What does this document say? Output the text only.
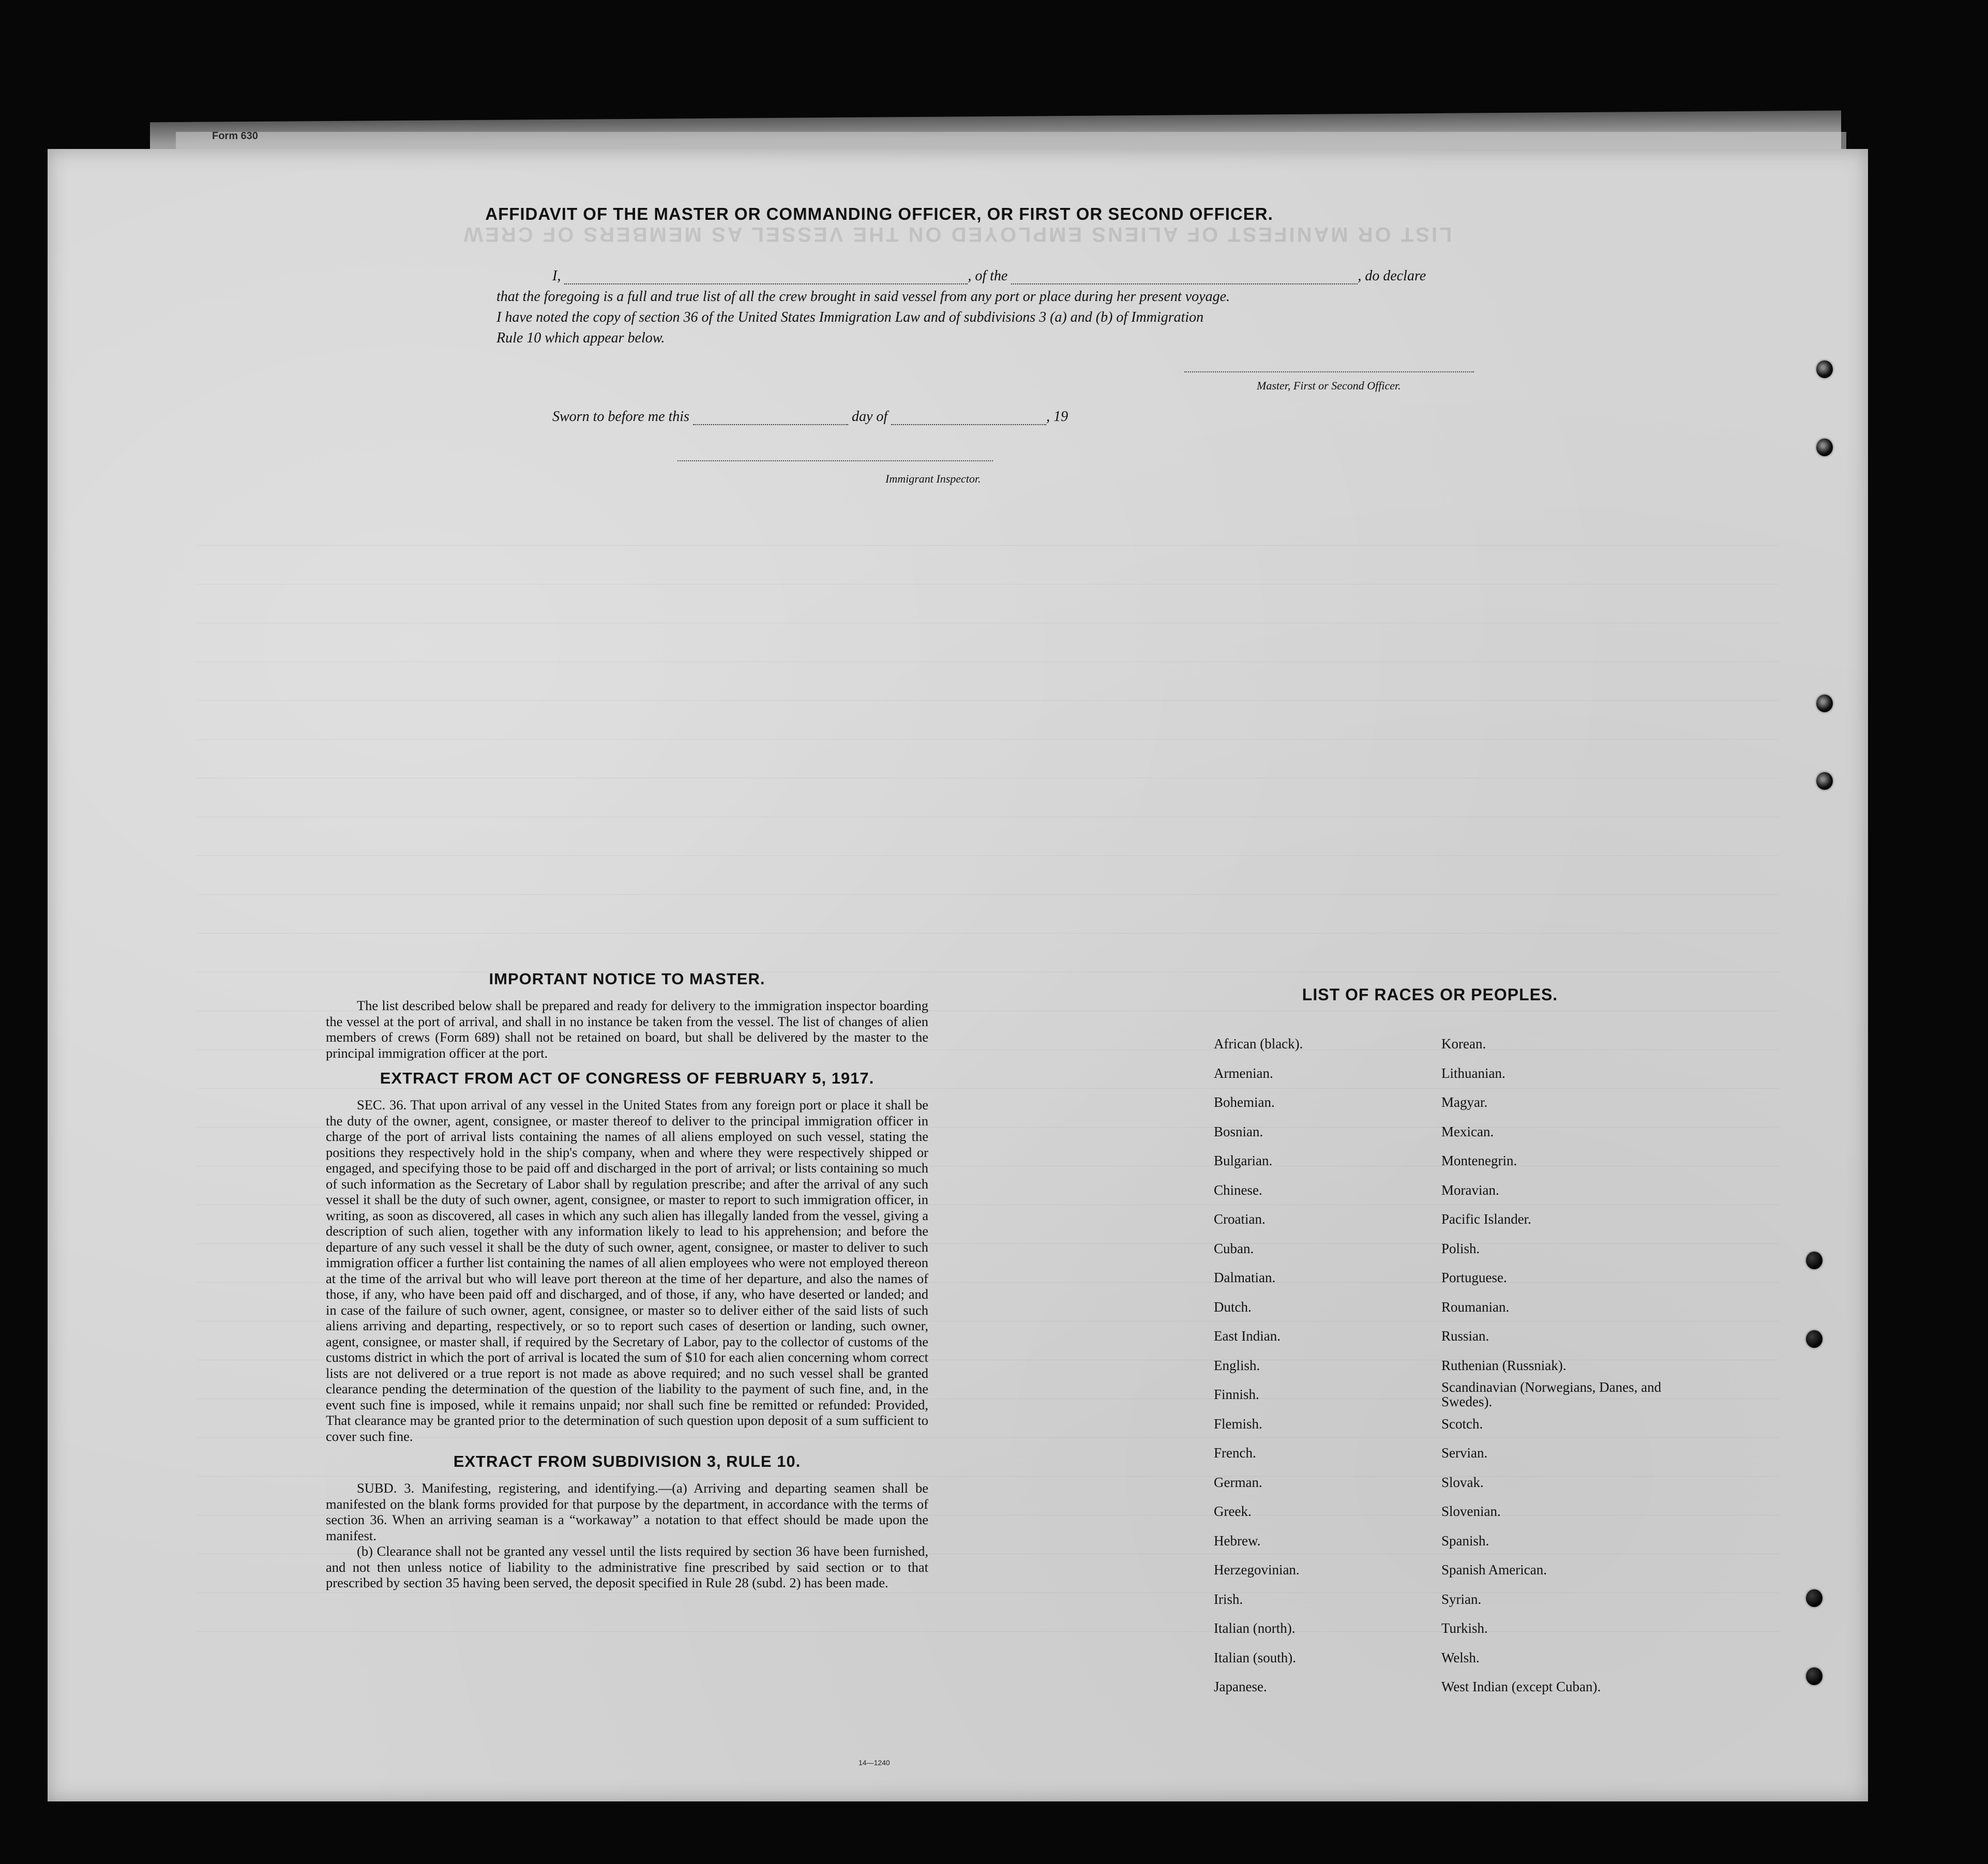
Form 630
LIST OR MANIFEST OF ALIENS EMPLOYED ON THE VESSEL AS MEMBERS OF CREW
AFFIDAVIT OF THE MASTER OR COMMANDING OFFICER, OR FIRST OR SECOND OFFICER.
I,	, of the	, do declare
that the foregoing is a full and true list of all the crew brought in said vessel from any port or place during her present voyage.
I have noted the copy of section 36 of the United States Immigration Law and of subdivisions 3 (a) and (b) of Immigration
Rule 10 which appear below.
Master, First or Second Officer.
Sworn to before me this	day of	, 19
Immigrant Inspector.

IMPORTANT NOTICE TO MASTER.

The list described below shall be prepared and ready for delivery to the immigration inspector boarding the vessel at the port of arrival, and shall in no instance be taken from the vessel. The list of changes of alien members of crews (Form 689) shall not be retained on board, but shall be delivered by the master to the principal immigration officer at the port.

EXTRACT FROM ACT OF CONGRESS OF FEBRUARY 5, 1917.

SEC. 36. That upon arrival of any vessel in the United States from any foreign port or place it shall be the duty of the owner, agent, consignee, or master thereof to deliver to the principal immigration officer in charge of the port of arrival lists containing the names of all aliens employed on such vessel, stating the positions they respectively hold in the ship's company, when and where they were respectively shipped or engaged, and specifying those to be paid off and discharged in the port of arrival; or lists containing so much of such information as the Secretary of Labor shall by regulation prescribe; and after the arrival of any such vessel it shall be the duty of such owner, agent, consignee, or master to report to such immigration officer, in writing, as soon as discovered, all cases in which any such alien has illegally landed from the vessel, giving a description of such alien, together with any information likely to lead to his apprehension; and before the departure of any such vessel it shall be the duty of such owner, agent, consignee, or master to deliver to such immigration officer a further list containing the names of all alien employees who were not employed thereon at the time of the arrival but who will leave port thereon at the time of her departure, and also the names of those, if any, who have been paid off and discharged, and of those, if any, who have deserted or landed; and in case of the failure of such owner, agent, consignee, or master so to deliver either of the said lists of such aliens arriving and departing, respectively, or so to report such cases of desertion or landing, such owner, agent, consignee, or master shall, if required by the Secretary of Labor, pay to the collector of customs of the customs district in which the port of arrival is located the sum of $10 for each alien concerning whom correct lists are not delivered or a true report is not made as above required; and no such vessel shall be granted clearance pending the determination of the question of the liability to the payment of such fine, and, in the event such fine is imposed, while it remains unpaid; nor shall such fine be remitted or refunded: Provided, That clearance may be granted prior to the determination of such question upon deposit of a sum sufficient to cover such fine.

EXTRACT FROM SUBDIVISION 3, RULE 10.

SUBD. 3. Manifesting, registering, and identifying.—(a) Arriving and departing seamen shall be manifested on the blank forms provided for that purpose by the department, in accordance with the terms of section 36. When an arriving seaman is a “workaway” a notation to that effect should be made upon the manifest.

(b) Clearance shall not be granted any vessel until the lists required by section 36 have been furnished, and not then unless notice of liability to the administrative fine prescribed by said section or to that prescribed by section 35 having been served, the deposit specified in Rule 28 (subd. 2) has been made.

LIST OF RACES OR PEOPLES.
African (black).
Armenian.
Bohemian.
Bosnian.
Bulgarian.
Chinese.
Croatian.
Cuban.
Dalmatian.
Dutch.
East Indian.
English.
Finnish.
Flemish.
French.
German.
Greek.
Hebrew.
Herzegovinian.
Irish.
Italian (north).
Italian (south).
Japanese.
Korean.
Lithuanian.
Magyar.
Mexican.
Montenegrin.
Moravian.
Pacific Islander.
Polish.
Portuguese.
Roumanian.
Russian.
Ruthenian (Russniak).
Scandinavian (Norwegians, Danes, and Swedes).
Scotch.
Servian.
Slovak.
Slovenian.
Spanish.
Spanish American.
Syrian.
Turkish.
Welsh.
West Indian (except Cuban).
14—1240
